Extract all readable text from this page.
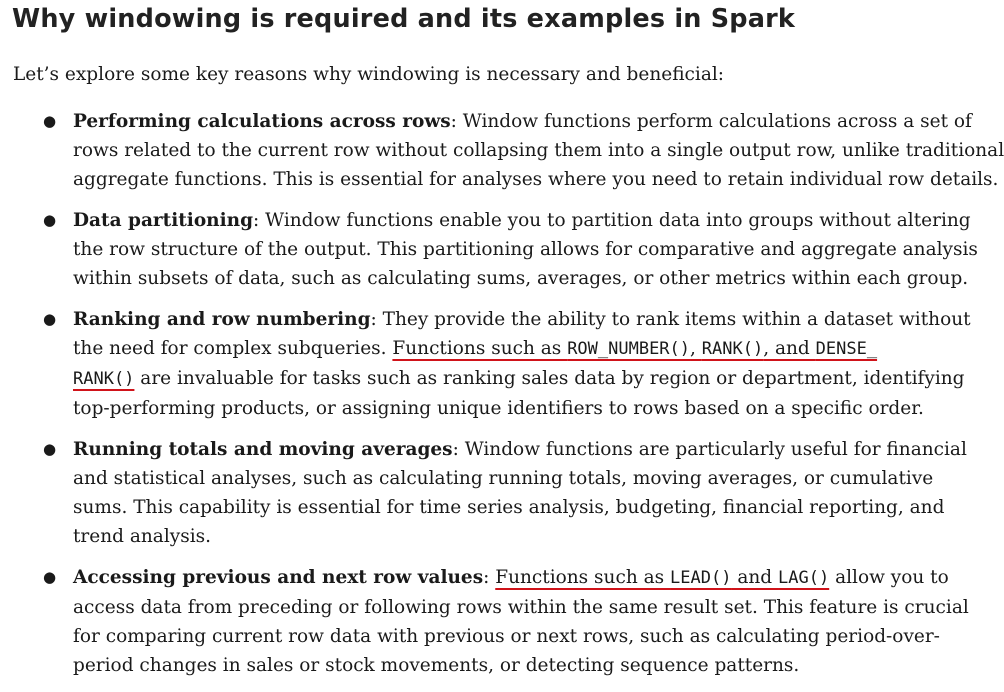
Why windowing is required and its examples in Spark

Let’s explore some key reasons why windowing is necessary and beneficial:

● Performing calculations across rows: Window functions perform calculations across a set of
rows related to the current row without collapsing them into a single output row, unlike traditional
aggregate functions. This is essential for analyses where you need to retain individual row details.
● Data partitioning: Window functions enable you to partition data into groups without altering
the row structure of the output. This partitioning allows for comparative and aggregate analysis
within subsets of data, such as calculating sums, averages, or other metrics within each group.
● Ranking and row numbering: They provide the ability to rank items within a dataset without
the need for complex subqueries. Functions such as ROW_NUMBER(), RANK(), and DENSE_
RANK() are invaluable for tasks such as ranking sales data by region or department, identifying
top-performing products, or assigning unique identifiers to rows based on a specific order.
● Running totals and moving averages: Window functions are particularly useful for financial
and statistical analyses, such as calculating running totals, moving averages, or cumulative
sums. This capability is essential for time series analysis, budgeting, financial reporting, and
trend analysis.
● Accessing previous and next row values: Functions such as LEAD() and LAG() allow you to
access data from preceding or following rows within the same result set. This feature is crucial
for comparing current row data with previous or next rows, such as calculating period-over-
period changes in sales or stock movements, or detecting sequence patterns.
